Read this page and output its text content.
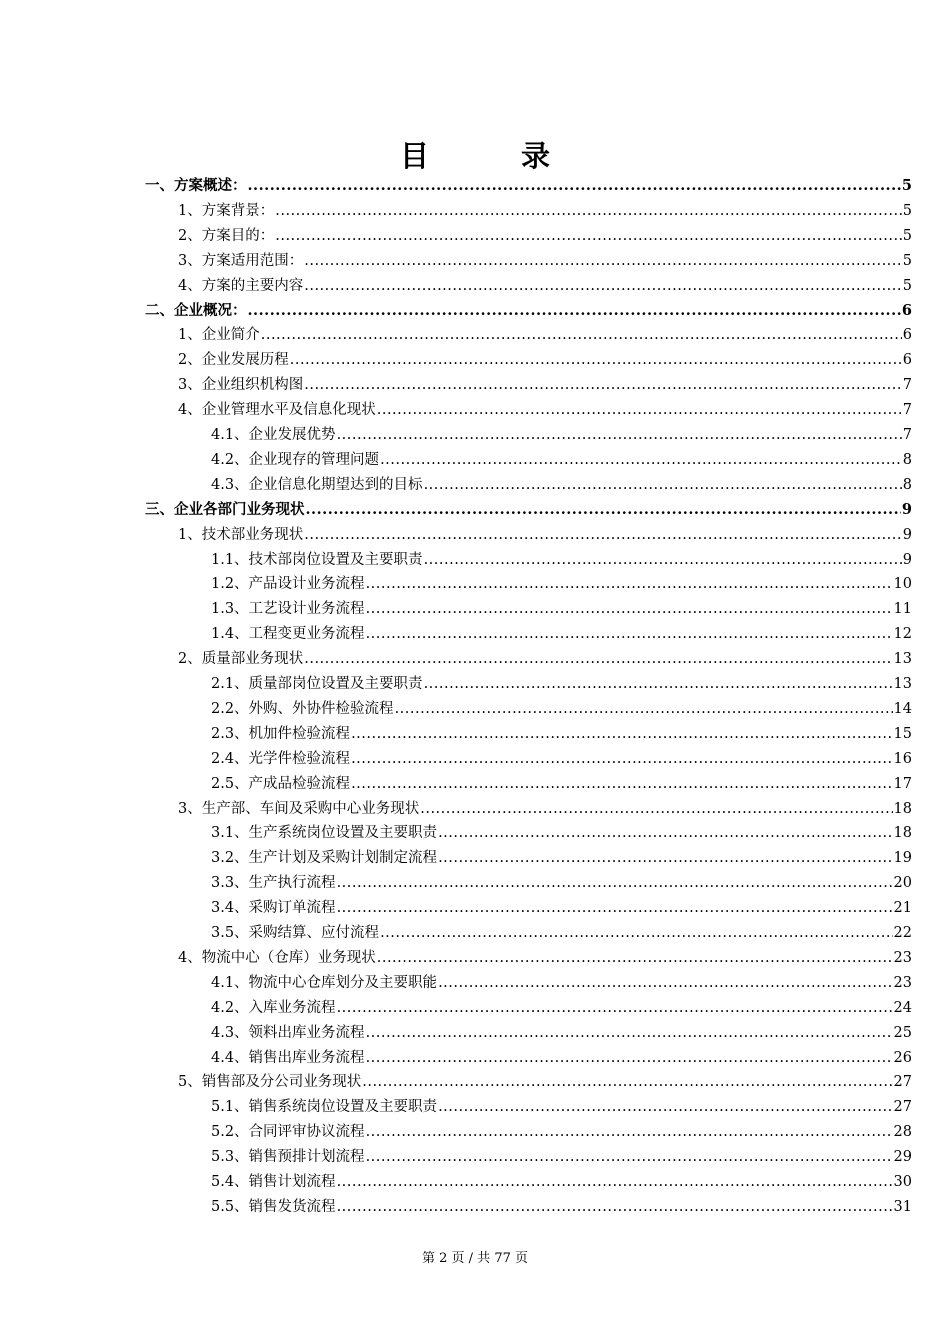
目	录
一、方案概述： .....	5
1、方案背景： .....	5
2、方案目的： .....	5
3、方案适用范围： .....	5
4、方案的主要内容 .....	5
二、企业概况： .....	6
1、企业简介 .....	6
2、企业发展历程 .....	6
3、企业组织机构图 .....	7
4、企业管理水平及信息化现状 .....	7
4.1、企业发展优势 .....	7
4.2、企业现存的管理问题 .....	8
4.3、企业信息化期望达到的目标 .....	8
三、企业各部门业务现状 .....	9
1、技术部业务现状 .....	9
1.1、技术部岗位设置及主要职责 .....	9
1.2、产品设计业务流程 .....	10
1.3、工艺设计业务流程 .....	11
1.4、工程变更业务流程 .....	12
2、质量部业务现状 .....	13
2.1、质量部岗位设置及主要职责 .....	13
2.2、外购、外协件检验流程 .....	14
2.3、机加件检验流程 .....	15
2.4、光学件检验流程 .....	16
2.5、产成品检验流程 .....	17
3、生产部、车间及采购中心业务现状 .....	18
3.1、生产系统岗位设置及主要职责 .....	18
3.2、生产计划及采购计划制定流程 .....	19
3.3、生产执行流程 .....	20
3.4、采购订单流程 .....	21
3.5、采购结算、应付流程 .....	22
4、物流中心（仓库）业务现状 .....	23
4.1、物流中心仓库划分及主要职能 .....	23
4.2、入库业务流程 .....	24
4.3、领料出库业务流程 .....	25
4.4、销售出库业务流程 .....	26
5、销售部及分公司业务现状 .....	27
5.1、销售系统岗位设置及主要职责 .....	27
5.2、合同评审协议流程 .....	28
5.3、销售预排计划流程 .....	29
5.4、销售计划流程 .....	30
5.5、销售发货流程 .....	31
第 2 页 / 共 77 页
